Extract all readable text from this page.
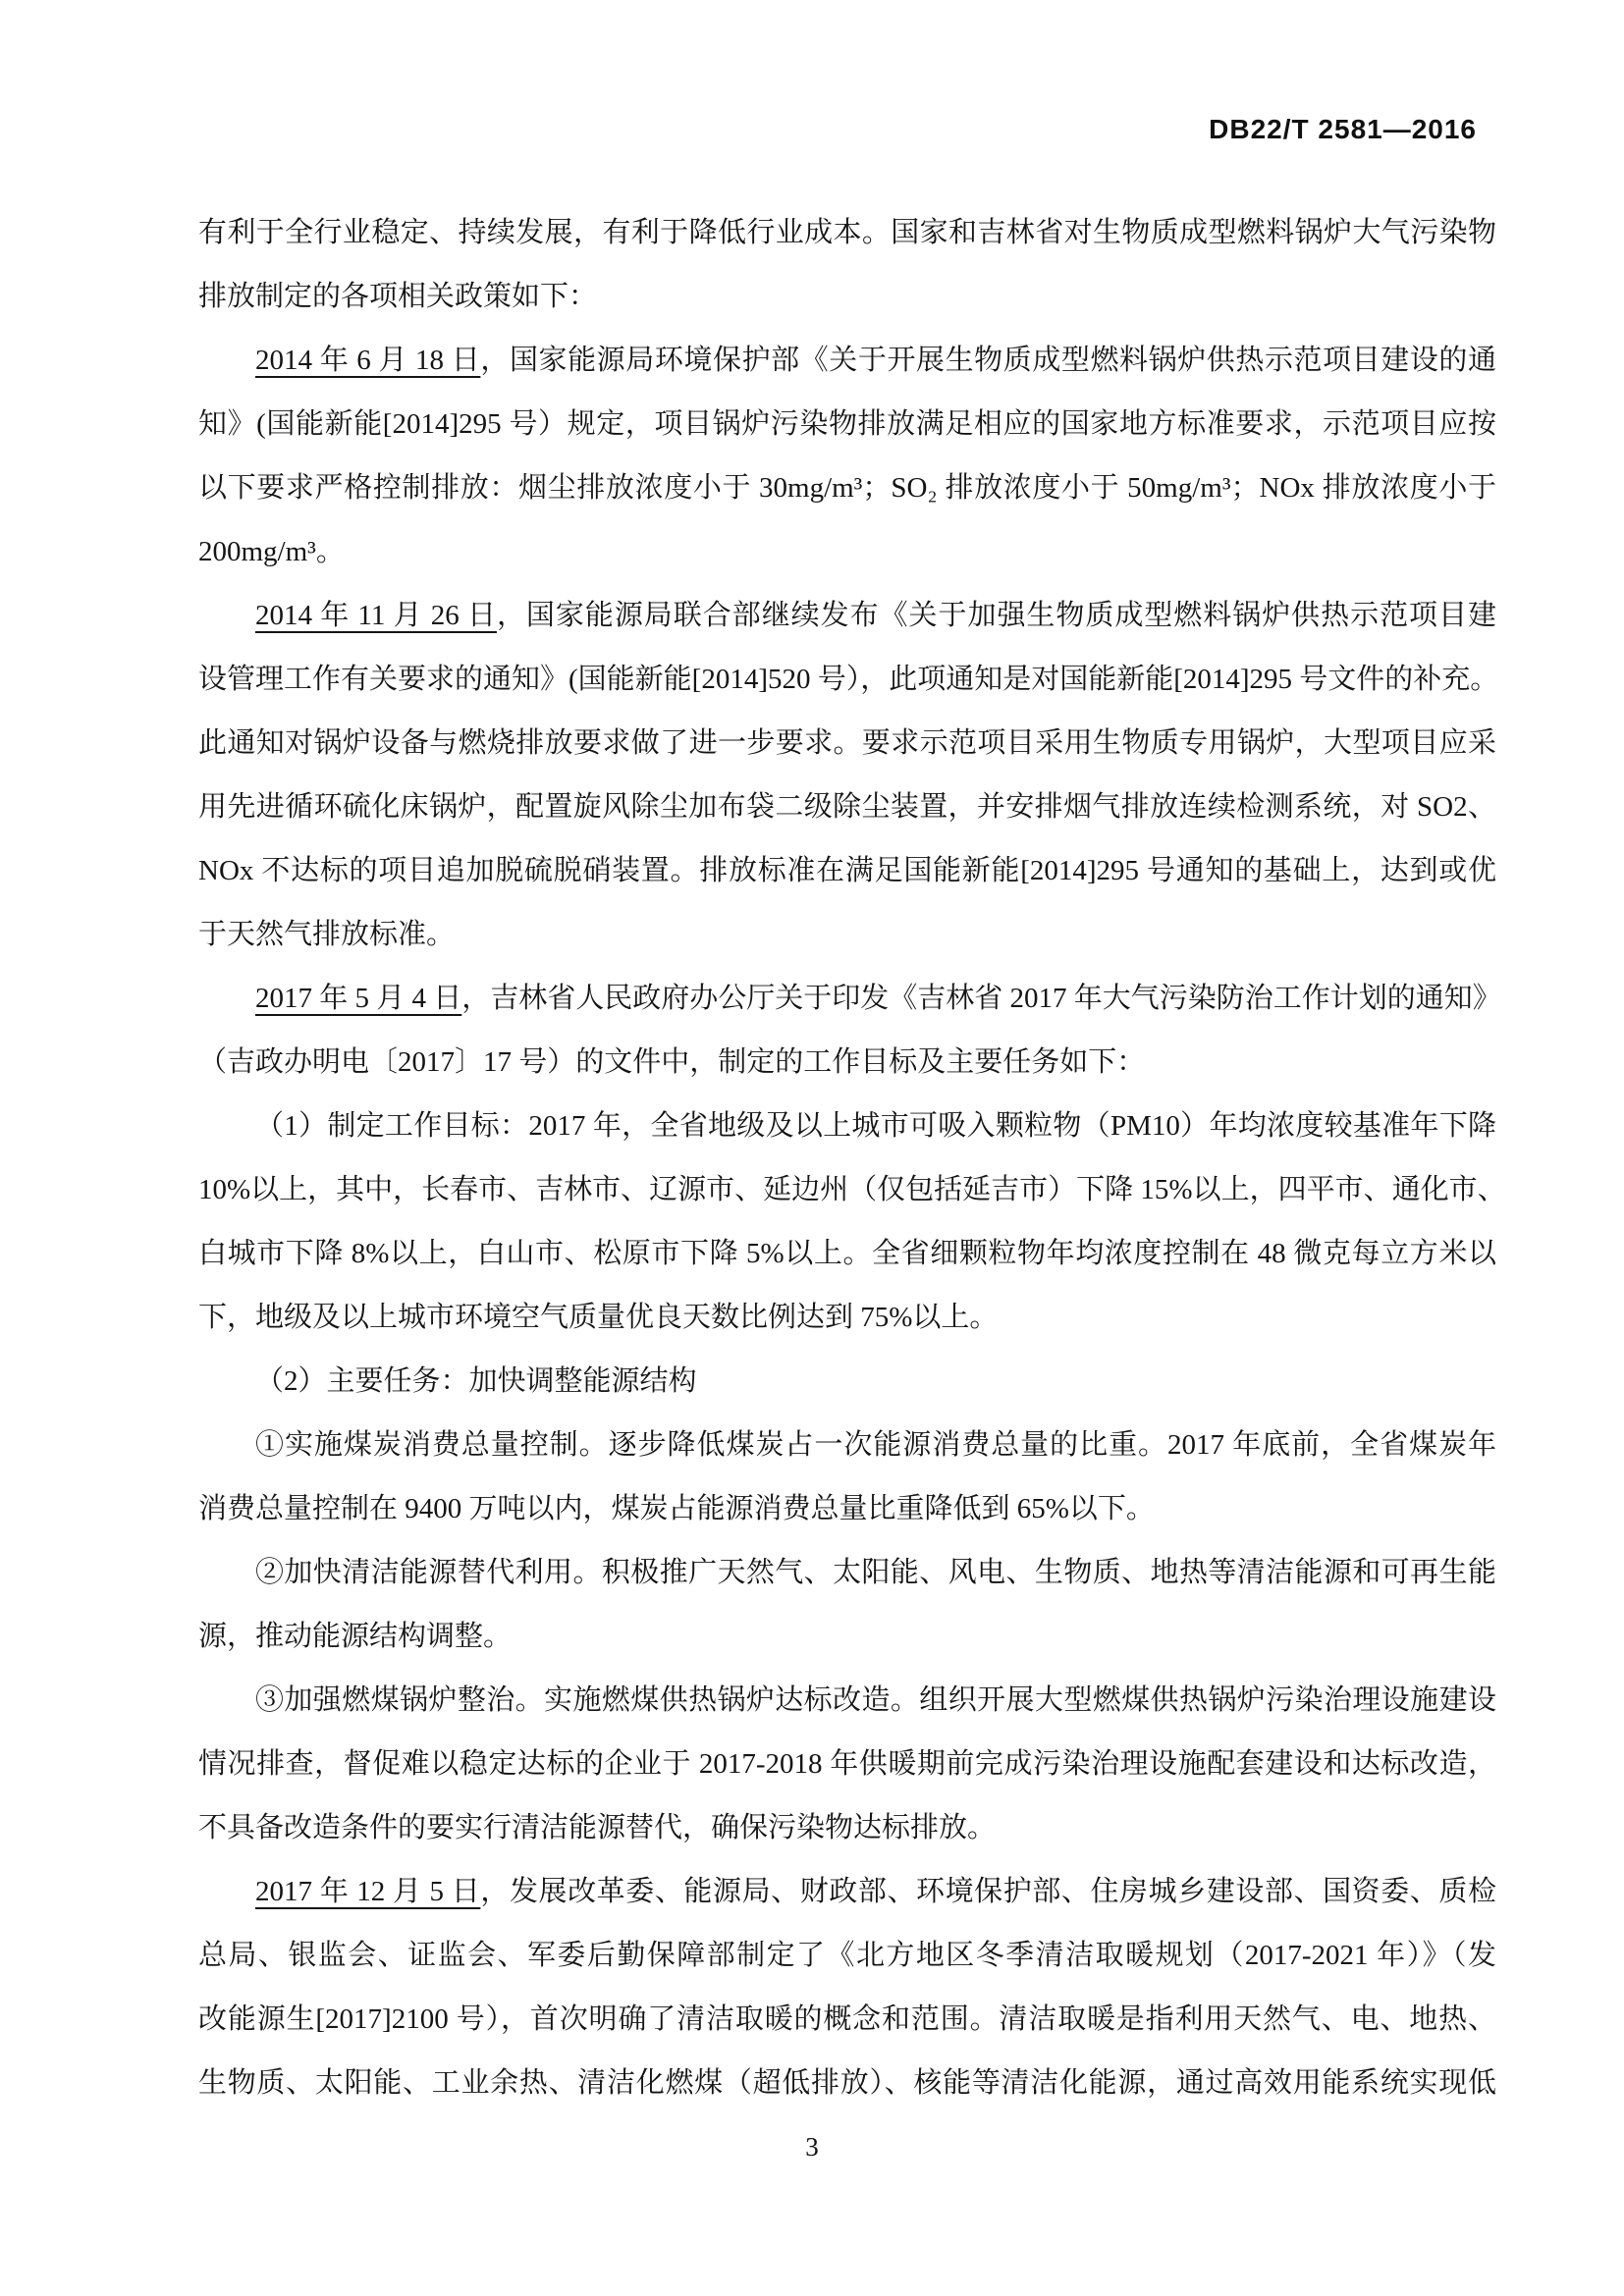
DB22/T 2581—2016
有利于全行业稳定、持续发展，有利于降低行业成本。国家和吉林省对生物质成型燃料锅炉大气污染物
排放制定的各项相关政策如下：
2014 年 6 月 18 日，国家能源局环境保护部《关于开展生物质成型燃料锅炉供热示范项目建设的通
知》(国能新能[2014]295 号）规定，项目锅炉污染物排放满足相应的国家地方标准要求，示范项目应按
以下要求严格控制排放：烟尘排放浓度小于 30mg/m³；SO₂ 排放浓度小于 50mg/m³；NOx 排放浓度小于
200mg/m³。
2014 年 11 月 26 日，国家能源局联合部继续发布《关于加强生物质成型燃料锅炉供热示范项目建
设管理工作有关要求的通知》(国能新能[2014]520 号），此项通知是对国能新能[2014]295 号文件的补充。
此通知对锅炉设备与燃烧排放要求做了进一步要求。要求示范项目采用生物质专用锅炉，大型项目应采
用先进循环硫化床锅炉，配置旋风除尘加布袋二级除尘装置，并安排烟气排放连续检测系统，对 SO2、
NOx 不达标的项目追加脱硫脱硝装置。排放标准在满足国能新能[2014]295 号通知的基础上，达到或优
于天然气排放标准。
2017 年 5 月 4 日，吉林省人民政府办公厅关于印发《吉林省 2017 年大气污染防治工作计划的通知》
（吉政办明电〔2017〕17 号）的文件中，制定的工作目标及主要任务如下：
（1）制定工作目标：2017 年，全省地级及以上城市可吸入颗粒物（PM10）年均浓度较基准年下降
10%以上，其中，长春市、吉林市、辽源市、延边州（仅包括延吉市）下降 15%以上，四平市、通化市、
白城市下降 8%以上，白山市、松原市下降 5%以上。全省细颗粒物年均浓度控制在 48 微克每立方米以
下，地级及以上城市环境空气质量优良天数比例达到 75%以上。
（2）主要任务：加快调整能源结构
①实施煤炭消费总量控制。逐步降低煤炭占一次能源消费总量的比重。2017 年底前，全省煤炭年
消费总量控制在 9400 万吨以内，煤炭占能源消费总量比重降低到 65%以下。
②加快清洁能源替代利用。积极推广天然气、太阳能、风电、生物质、地热等清洁能源和可再生能
源，推动能源结构调整。
③加强燃煤锅炉整治。实施燃煤供热锅炉达标改造。组织开展大型燃煤供热锅炉污染治理设施建设
情况排查，督促难以稳定达标的企业于 2017-2018 年供暖期前完成污染治理设施配套建设和达标改造，
不具备改造条件的要实行清洁能源替代，确保污染物达标排放。
2017 年 12 月 5 日，发展改革委、能源局、财政部、环境保护部、住房城乡建设部、国资委、质检
总局、银监会、证监会、军委后勤保障部制定了《北方地区冬季清洁取暖规划（2017-2021 年）》（发
改能源生[2017]2100 号），首次明确了清洁取暖的概念和范围。清洁取暖是指利用天然气、电、地热、
生物质、太阳能、工业余热、清洁化燃煤（超低排放）、核能等清洁化能源，通过高效用能系统实现低
3
